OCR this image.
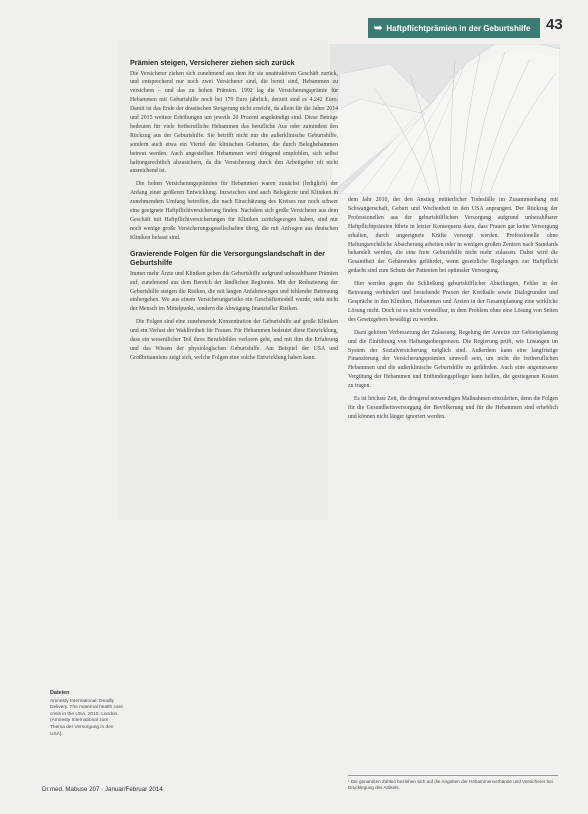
➥ Haftpflichtprämien in der Geburtshilfe 43
Prämien steigen, Versicherer ziehen sich zurück

Die Versicherer ziehen sich zunehmend aus dem für sie unattraktiven Geschäft zurück, und entsprechend nur noch zwei Versicherer sind, die bereit sind, Hebammen zu versichern – und das zu hohen Prämien. 1992 lag die Versicherungsprämie für Hebammen mit Geburtshilfe noch bei 179 Euro jährlich, derzeit sind es 4.242 Euro. Damit ist das Ende der drastischen Steigerung nicht erreicht, da allein für die Jahre 2014 und 2015 weitere Erhöhungen um jeweils 20 Prozent angekündigt sind. Diese Beträge bedeuten für viele freiberufliche Hebammen das berufliche Aus oder zumindest den Rückzug aus der Geburtshilfe. Sie betrifft nicht nur die außerklinische Geburtshilfe, sondern auch etwa ein Viertel der klinischen Geburten, die durch Beleghebammen betreut werden. Auch angestellten Hebammen wird dringend empfohlen, sich selbst haftungsrechtlich abzusichern, da die Versicherung durch den Arbeitgeber oft nicht ausreichend ist.

Die hohen Versicherungsprämien für Hebammen waren zunächst (lediglich) der Anfang einer größeren Entwicklung. Inzwischen sind auch Belegärzte und Kliniken in zunehmendem Umfang betroffen, die nach Einschätzung des Kreises nur noch schwer eine geeignete Haftpflichtversicherung finden. Nachdem sich große Versicherer aus dem Geschäft mit Haftpflichtversicherungen für Kliniken zurückgezogen haben, sind nur noch wenige große Versicherungsgesellschaften übrig, die mit Anfragen aus deutschen Kliniken befasst sind.

Gravierende Folgen für die Versorgungslandschaft in der Geburtshilfe

Immer mehr Ärzte und Kliniken geben die Geburtshilfe aufgrund unbezahlbarer Prämien auf, zunehmend aus dem Bereich der ländlichen Regionen. Mit der Reduzierung der Geburtshilfe steigen die Risiken, die mit langen Anfahrtswegen und fehlender Betreuung einhergehen. Wo aus einem Versicherungsrisiko ein Geschäftsmodell wurde, steht nicht der Mensch im Mittelpunkt, sondern die Abwägung finanzieller Risiken.

Die Folgen sind eine zunehmende Konzentration der Geburtshilfe auf große Kliniken und ein Verlust der Wahlfreiheit für Frauen. Für Hebammen bedeutet diese Entwicklung, dass ein wesentlicher Teil ihres Berufsbildes verloren geht, und mit ihm die Erfahrung und das Wissen der physiologischen Geburtshilfe. Am Beispiel der USA und Großbritanniens zeigt sich, welche Folgen eine solche Entwicklung haben kann.

dem Jahr 2010, der den Anstieg mütterlicher Todesfälle im Zusammenhang mit Schwangerschaft, Geburt und Wochenbett in den USA anprangert. Der Rückzug der Professionellen aus der geburtshilflichen Versorgung aufgrund unbezahlbarer Haftpflichtprämien führte in letzter Konsequenz dazu, dass Frauen gar keine Versorgung erhalten, durch ungeeignete Kräfte versorgt werden. Professionelle ohne Haftungsrechtliche Absicherung arbeiten oder in wenigen großen Zentren nach Standards behandelt werden, die eine freie Geburtshilfe nicht mehr zulassen. Dabei wird die Gesamtheit der Gebärenden gefährdet, wenn gesetzliche Regelungen zur Haftpflicht gedacht sind zum Schutz der Patienten bei optimaler Versorgung.

Hier werden gegen die Schließung geburtshilflicher Abteilungen, Fehler in der Betreuung verhindert und bestehende Praxen der Kreißsäle sowie Dialogrunden und Gespräche in den Kliniken, Hebammen und Ärzten in der Gesamtplanung eine wirkliche Lösung nicht. Doch ist es nicht vorstellbar, in dem Problem ohne eine Lösung von Seiten des Gesetzgebers bewältigt zu werden.

Dazu gehören Verbesserung der Zulassung, Regelung der Anreize zur Gebietsplanung und die Einführung von Haftungsobergrenzen. Die Regierung prüft, wie Lösungen im System der Sozialversicherung möglich sind. Außerdem kann eine langfristige Finanzierung der Versicherungsprämien sinnvoll sein, um nicht die freiberuflichen Hebammen und die außerklinische Geburtshilfe zu gefährden. Auch eine angemessene Vergütung der Hebammen und Entbindungspfleger kann helfen, die gestiegenen Kosten zu tragen.

Es ist höchste Zeit, die dringend notwendigen Maßnahmen einzuleiten, denn die Folgen für die Gesundheitsversorgung der Bevölkerung und für die Hebammen sind erheblich und können nicht länger ignoriert werden.

Dateien
Amnesty International: Deadly Delivery. The maternal health care crisis in the USA, 2010. London. (Amnesty International zum Thema der Versorgung in den USA).
¹ Die genannten Zahlen beziehen sich auf die Angaben der Hebammenverbände und Versicherer bei Drucklegung des Artikels.
Dr.med. Mabuse 207 · Januar/Februar 2014
